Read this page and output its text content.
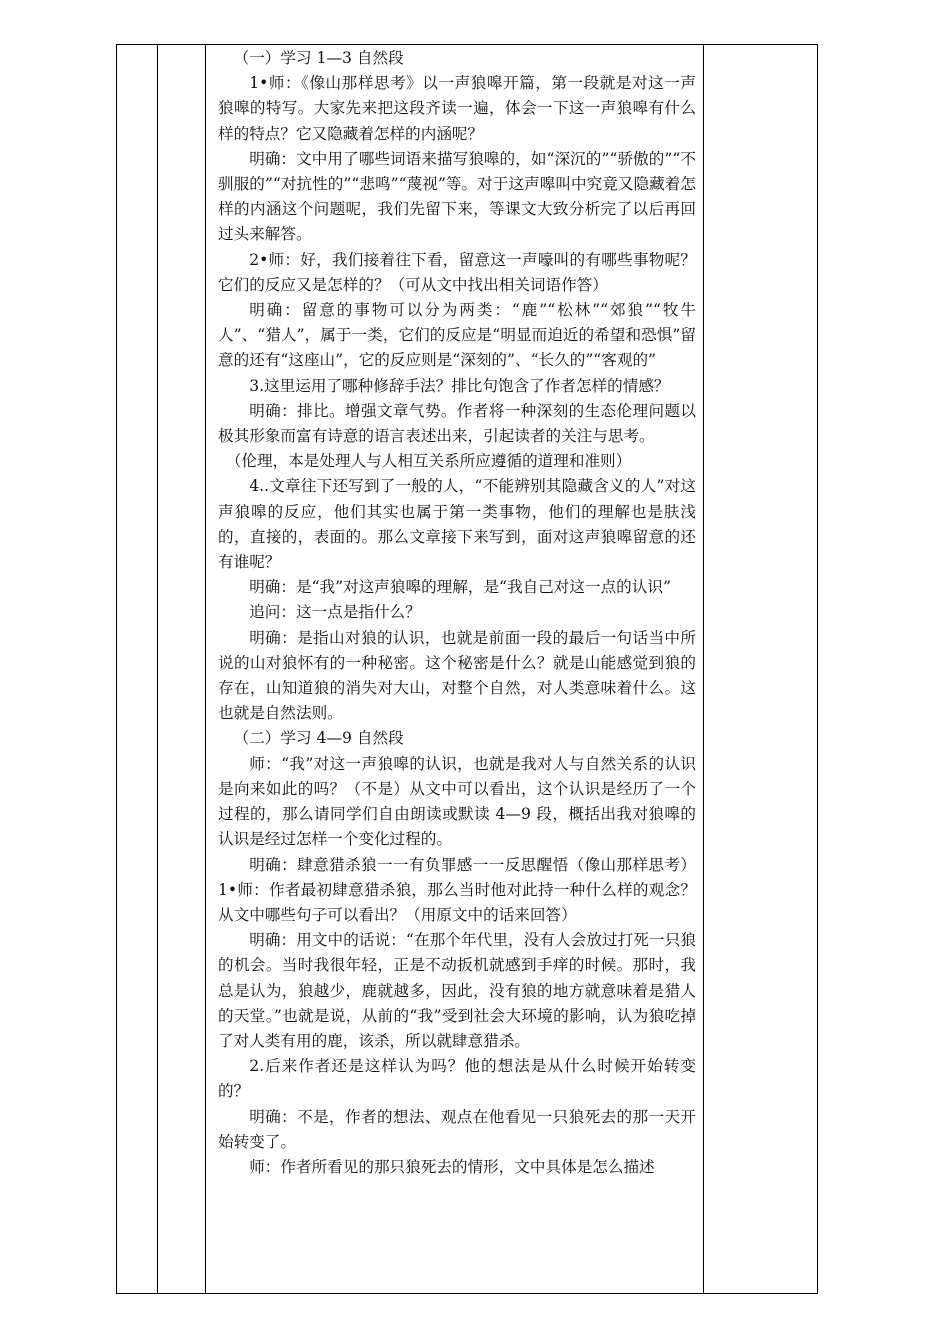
（一）学习 1—3 自然段

1•师：《像山那样思考》以一声狼嗥开篇，第一段就是对这一声狼嗥的特写。大家先来把这段齐读一遍，体会一下这一声狼嗥有什么样的特点？它又隐藏着怎样的内涵呢？

明确：文中用了哪些词语来描写狼嗥的，如“深沉的”“骄傲的”“不驯服的”“对抗性的”“悲鸣”“蔑视”等。对于这声嗥叫中究竟又隐藏着怎样的内涵这个问题呢，我们先留下来，等课文大致分析完了以后再回过头来解答。

2•师：好，我们接着往下看，留意这一声嚎叫的有哪些事物呢？它们的反应又是怎样的？（可从文中找出相关词语作答）

明确：留意的事物可以分为两类：“鹿”“松林”“郊狼”“牧牛人”、“猎人”，属于一类，它们的反应是“明显而迫近的希望和恐惧”留意的还有“这座山”，它的反应则是“深刻的”、“长久的”“客观的”

3.这里运用了哪种修辞手法？排比句饱含了作者怎样的情感？

明确：排比。增强文章气势。作者将一种深刻的生态伦理问题以极其形象而富有诗意的语言表述出来，引起读者的关注与思考。

（伦理，本是处理人与人相互关系所应遵循的道理和准则）

4..文章往下还写到了一般的人，“不能辨别其隐藏含义的人”对这声狼嗥的反应，他们其实也属于第一类事物，他们的理解也是肤浅的，直接的，表面的。那么文章接下来写到，面对这声狼嗥留意的还有谁呢？

明确：是“我”对这声狼嗥的理解，是“我自己对这一点的认识”

追问：这一点是指什么？

明确：是指山对狼的认识，也就是前面一段的最后一句话当中所说的山对狼怀有的一种秘密。这个秘密是什么？就是山能感觉到狼的存在，山知道狼的消失对大山，对整个自然，对人类意味着什么。这也就是自然法则。

（二）学习 4—9 自然段

师：“我”对这一声狼嗥的认识，也就是我对人与自然关系的认识是向来如此的吗？（不是）从文中可以看出，这个认识是经历了一个过程的，那么请同学们自由朗读或默读 4—9 段，概括出我对狼嗥的认识是经过怎样一个变化过程的。

明确：肆意猎杀狼一一有负罪感一一反思醒悟（像山那样思考）1•师：作者最初肆意猎杀狼，那么当时他对此持一种什么样的观念？从文中哪些句子可以看出？（用原文中的话来回答）

明确：用文中的话说：“在那个年代里，没有人会放过打死一只狼的机会。当时我很年轻，正是不动扳机就感到手痒的时候。那时，我总是认为，狼越少，鹿就越多，因此，没有狼的地方就意味着是猎人的天堂。”也就是说，从前的“我”受到社会大环境的影响，认为狼吃掉了对人类有用的鹿，该杀，所以就肆意猎杀。

2.后来作者还是这样认为吗？他的想法是从什么时候开始转变的？

明确：不是，作者的想法、观点在他看见一只狼死去的那一天开始转变了。

师：作者所看见的那只狼死去的情形，文中具体是怎么描述
